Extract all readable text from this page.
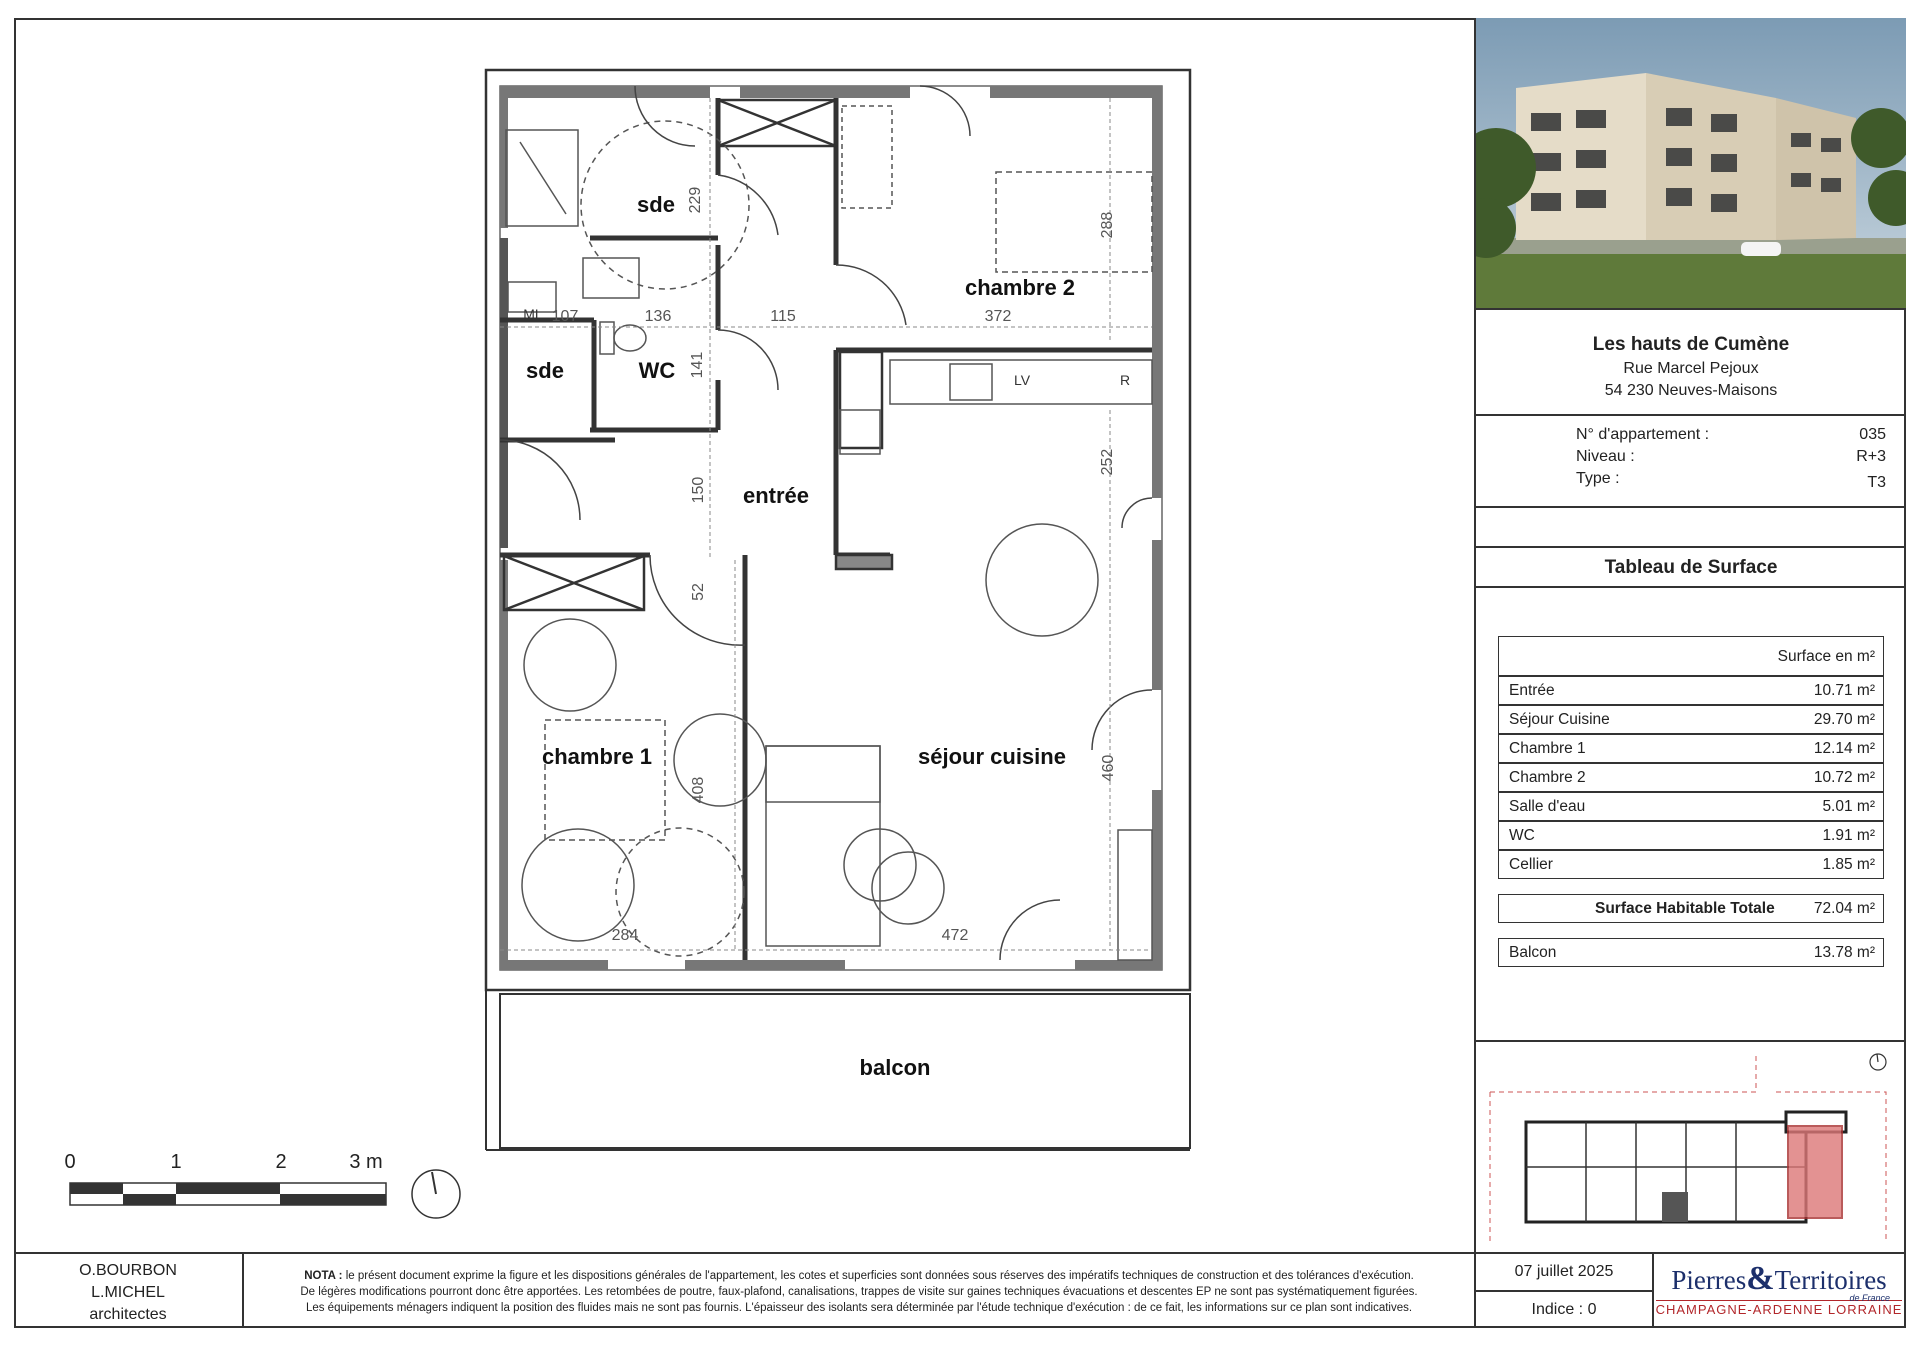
sde
chambre 2
sde	WC
entrée
chambre 1	séjour cuisine
balcon
ML
LV	R
229
288
107	136	115	372
141
150
252
52
408
460
284	472
0	1	2	3 m
Les hauts de Cumène
Rue Marcel Pejoux
54 230 Neuves-Maisons
N° d'appartement :	035
Niveau :	R+3
Type :	T3
Tableau de Surface
Surface en m²
Entrée	10.71 m²
Séjour Cuisine	29.70 m²
Chambre 1	12.14 m²
Chambre 2	10.72 m²
Salle d'eau	5.01 m²
WC	1.91 m²
Cellier	1.85 m²
Surface Habitable Totale	72.04 m²
Balcon	13.78 m²
O.BOURBON
L.MICHEL
architectes
NOTA : le présent document exprime la figure et les dispositions générales de l'appartement, les cotes et superficies sont données sous réserves des impératifs techniques de construction et des tolérances d'exécution.
De légères modifications pourront donc être apportées. Les retombées de poutre, faux-plafond, canalisations, trappes de visite sur gaines techniques évacuations et descentes EP ne sont pas systématiquement figurées.
Les équipements ménagers indiquent la position des fluides mais ne sont pas fournis. L'épaisseur des isolants sera déterminée par l'étude technique d'exécution : de ce fait, les informations sur ce plan sont indicatives.
07 juillet 2025
Indice : 0
Pierres&Territoires
de France
CHAMPAGNE-ARDENNE LORRAINE
